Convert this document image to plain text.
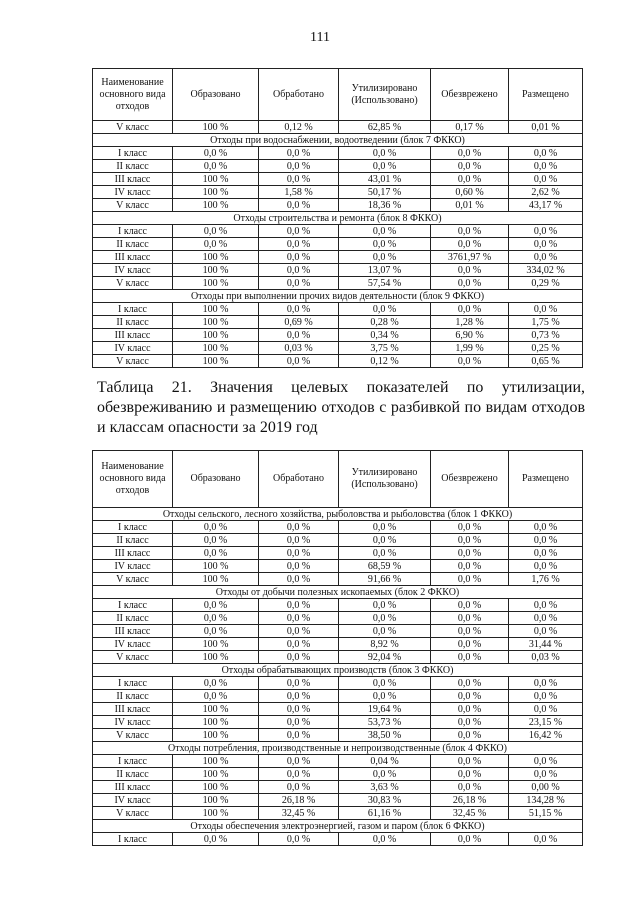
111
Наименование основного вида отходов	Образовано	Обработано	Утилизировано (Использовано)	Обезврежено	Размещено
V класс	100 %	0,12 %	62,85 %	0,17 %	0,01 %
Отходы при водоснабжении, водоотведении (блок 7 ФККО)					
I класс	0,0 %	0,0 %	0,0 %	0,0 %	0,0 %
II класс	0,0 %	0,0 %	0,0 %	0,0 %	0,0 %
III класс	100 %	0,0 %	43,01 %	0,0 %	0,0 %
IV класс	100 %	1,58 %	50,17 %	0,60 %	2,62 %
V класс	100 %	0,0 %	18,36 %	0,01 %	43,17 %
Отходы строительства и ремонта (блок 8 ФККО)					
I класс	0,0 %	0,0 %	0,0 %	0,0 %	0,0 %
II класс	0,0 %	0,0 %	0,0 %	0,0 %	0,0 %
III класс	100 %	0,0 %	0,0 %	3761,97 %	0,0 %
IV класс	100 %	0,0 %	13,07 %	0,0 %	334,02 %
V класс	100 %	0,0 %	57,54 %	0,0 %	0,29 %
Отходы при выполнении прочих видов деятельности (блок 9 ФККО)					
I класс	100 %	0,0 %	0,0 %	0,0 %	0,0 %
II класс	100 %	0,69 %	0,28 %	1,28 %	1,75 %
III класс	100 %	0,0 %	0,34 %	6,90 %	0,73 %
IV класс	100 %	0,03 %	3,75 %	1,99 %	0,25 %
V класс	100 %	0,0 %	0,12 %	0,0 %	0,65 %
Таблица 21. Значения целевых показателей по утилизации, обезвреживанию и размещению отходов с разбивкой по видам отходов и классам опасности за 2019 год
Наименование основного вида отходов	Образовано	Обработано	Утилизировано (Использовано)	Обезврежено	Размещено
Отходы сельского, лесного хозяйства, рыболовства и рыболовства (блок 1 ФККО)					
I класс	0,0 %	0,0 %	0,0 %	0,0 %	0,0 %
II класс	0,0 %	0,0 %	0,0 %	0,0 %	0,0 %
III класс	0,0 %	0,0 %	0,0 %	0,0 %	0,0 %
IV класс	100 %	0,0 %	68,59 %	0,0 %	0,0 %
V класс	100 %	0,0 %	91,66 %	0,0 %	1,76 %
Отходы от добычи полезных ископаемых (блок 2 ФККО)					
I класс	0,0 %	0,0 %	0,0 %	0,0 %	0,0 %
II класс	0,0 %	0,0 %	0,0 %	0,0 %	0,0 %
III класс	0,0 %	0,0 %	0,0 %	0,0 %	0,0 %
IV класс	100 %	0,0 %	8,92 %	0,0 %	31,44 %
V класс	100 %	0,0 %	92,04 %	0,0 %	0,03 %
Отходы обрабатывающих производств (блок 3 ФККО)					
I класс	0,0 %	0,0 %	0,0 %	0,0 %	0,0 %
II класс	0,0 %	0,0 %	0,0 %	0,0 %	0,0 %
III класс	100 %	0,0 %	19,64 %	0,0 %	0,0 %
IV класс	100 %	0,0 %	53,73 %	0,0 %	23,15 %
V класс	100 %	0,0 %	38,50 %	0,0 %	16,42 %
Отходы потребления, производственные и непроизводственные (блок 4 ФККО)					
I класс	100 %	0,0 %	0,04 %	0,0 %	0,0 %
II класс	100 %	0,0 %	0,0 %	0,0 %	0,0 %
III класс	100 %	0,0 %	3,63 %	0,0 %	0,00 %
IV класс	100 %	26,18 %	30,83 %	26,18 %	134,28 %
V класс	100 %	32,45 %	61,16 %	32,45 %	51,15 %
Отходы обеспечения электроэнергией, газом и паром (блок 6 ФККО)					
I класс	0,0 %	0,0 %	0,0 %	0,0 %	0,0 %
